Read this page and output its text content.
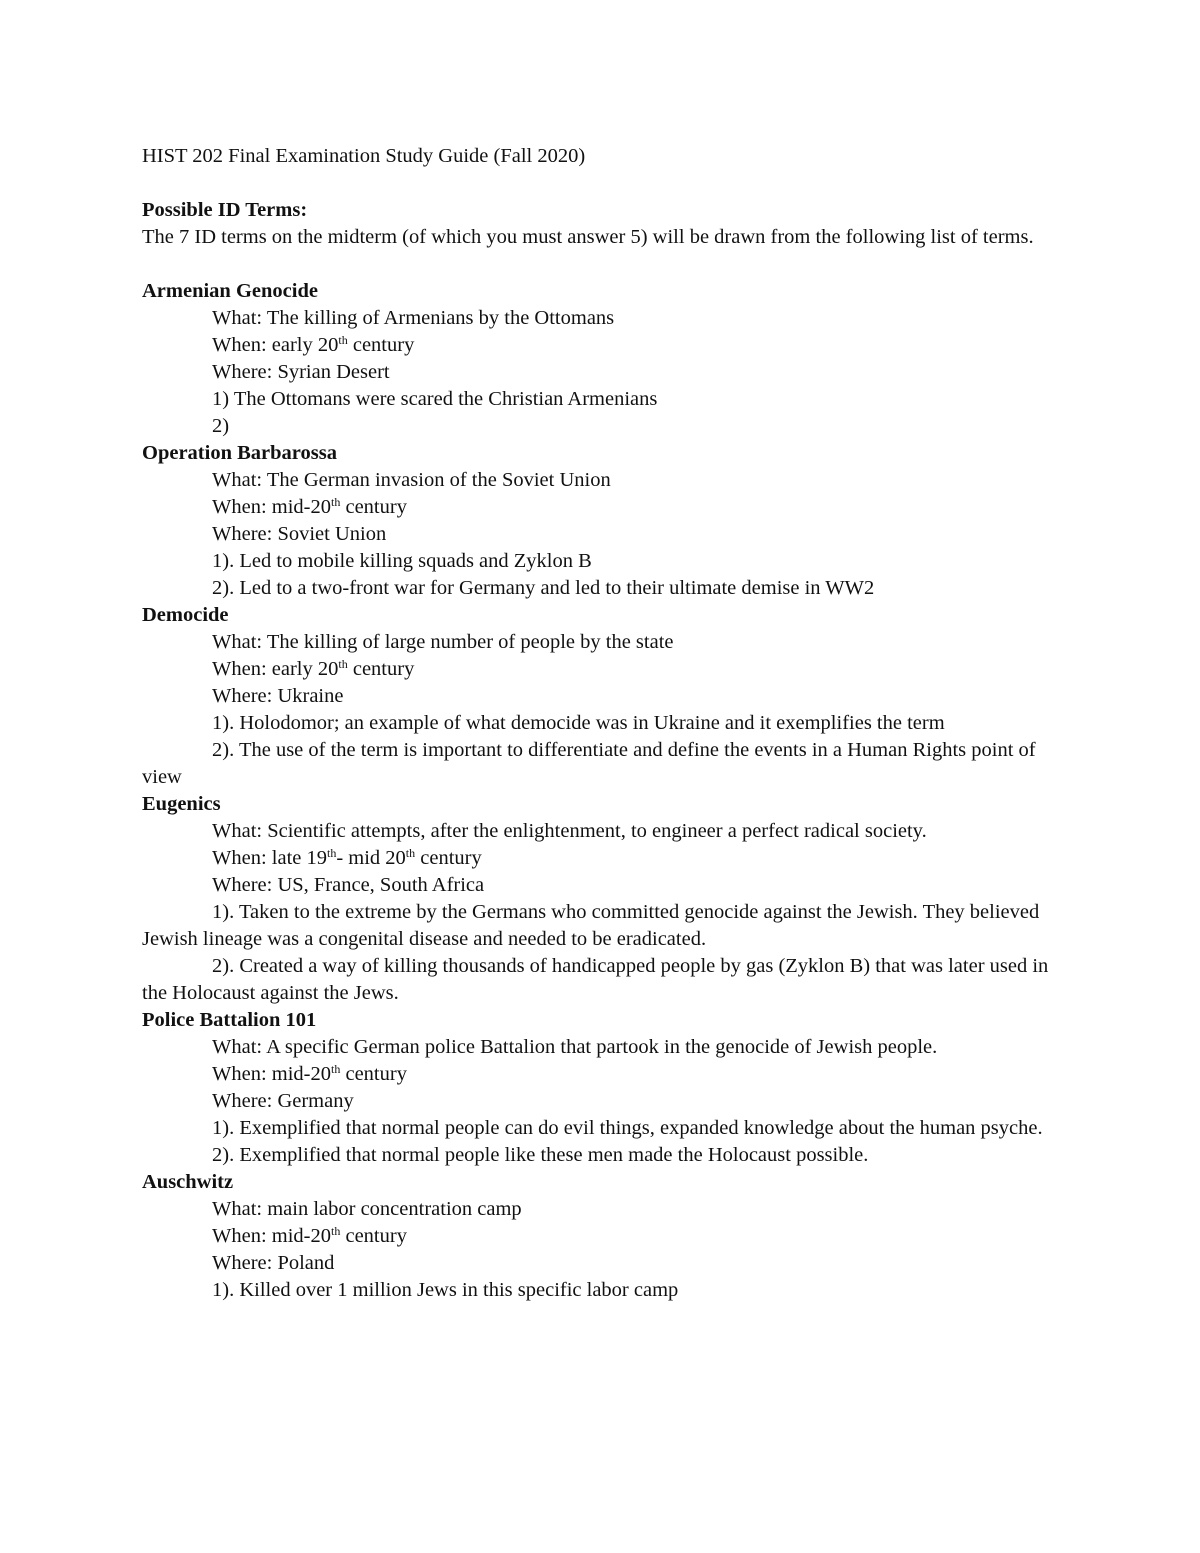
HIST 202 Final Examination Study Guide (Fall 2020)
Possible ID Terms:
The 7 ID terms on the midterm (of which you must answer 5) will be drawn from the following list of terms.
Armenian Genocide
What: The killing of Armenians by the Ottomans
When: early 20th century
Where: Syrian Desert
1) The Ottomans were scared the Christian Armenians
2)
Operation Barbarossa
What: The German invasion of the Soviet Union
When: mid-20th century
Where: Soviet Union
1). Led to mobile killing squads and Zyklon B
2). Led to a two-front war for Germany and led to their ultimate demise in WW2
Democide
What: The killing of large number of people by the state
When: early 20th century
Where: Ukraine
1). Holodomor; an example of what democide was in Ukraine and it exemplifies the term
2). The use of the term is important to differentiate and define the events in a Human Rights point of view
Eugenics
What: Scientific attempts, after the enlightenment, to engineer a perfect radical society.
When: late 19th- mid 20th century
Where: US, France, South Africa
1). Taken to the extreme by the Germans who committed genocide against the Jewish. They believed Jewish lineage was a congenital disease and needed to be eradicated.
2). Created a way of killing thousands of handicapped people by gas (Zyklon B) that was later used in the Holocaust against the Jews.
Police Battalion 101
What: A specific German police Battalion that partook in the genocide of Jewish people.
When: mid-20th century
Where: Germany
1). Exemplified that normal people can do evil things, expanded knowledge about the human psyche.
2). Exemplified that normal people like these men made the Holocaust possible.
Auschwitz
What: main labor concentration camp
When: mid-20th century
Where: Poland
1). Killed over 1 million Jews in this specific labor camp
